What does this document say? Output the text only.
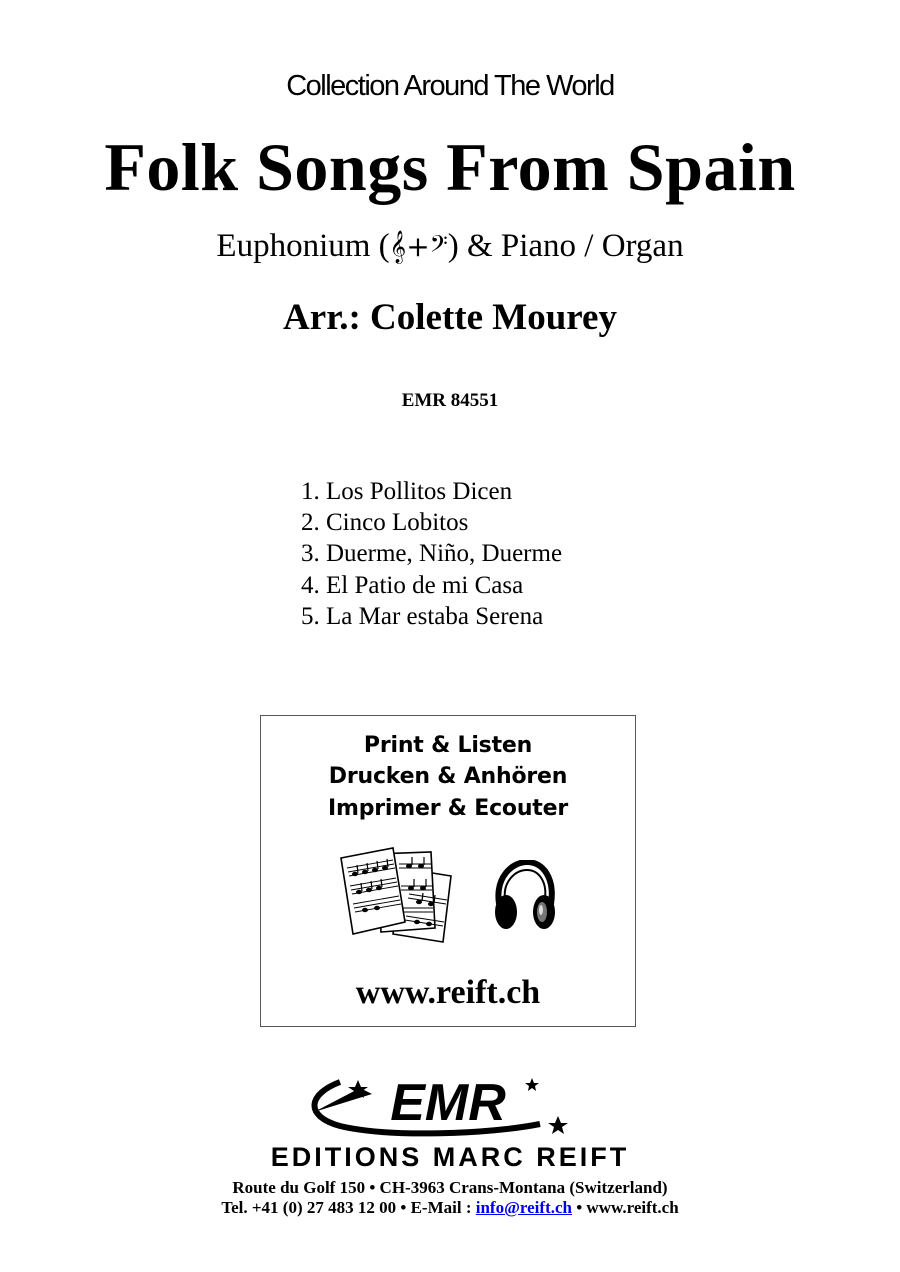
Collection Around The World
Folk Songs From Spain
Euphonium (𝄞+𝄢) & Piano / Organ
Arr.: Colette Mourey
EMR 84551
1. Los Pollitos Dicen
2. Cinco Lobitos
3. Duerme, Niño, Duerme
4. El Patio de mi Casa
5. La Mar estaba Serena
Print & Listen
Drucken & Anhören
Imprimer & Ecouter
www.reift.ch
EMR
EDITIONS MARC REIFT
Route du Golf 150 • CH-3963 Crans-Montana (Switzerland)
Tel. +41 (0) 27 483 12 00 • E-Mail : info@reift.ch • www.reift.ch
